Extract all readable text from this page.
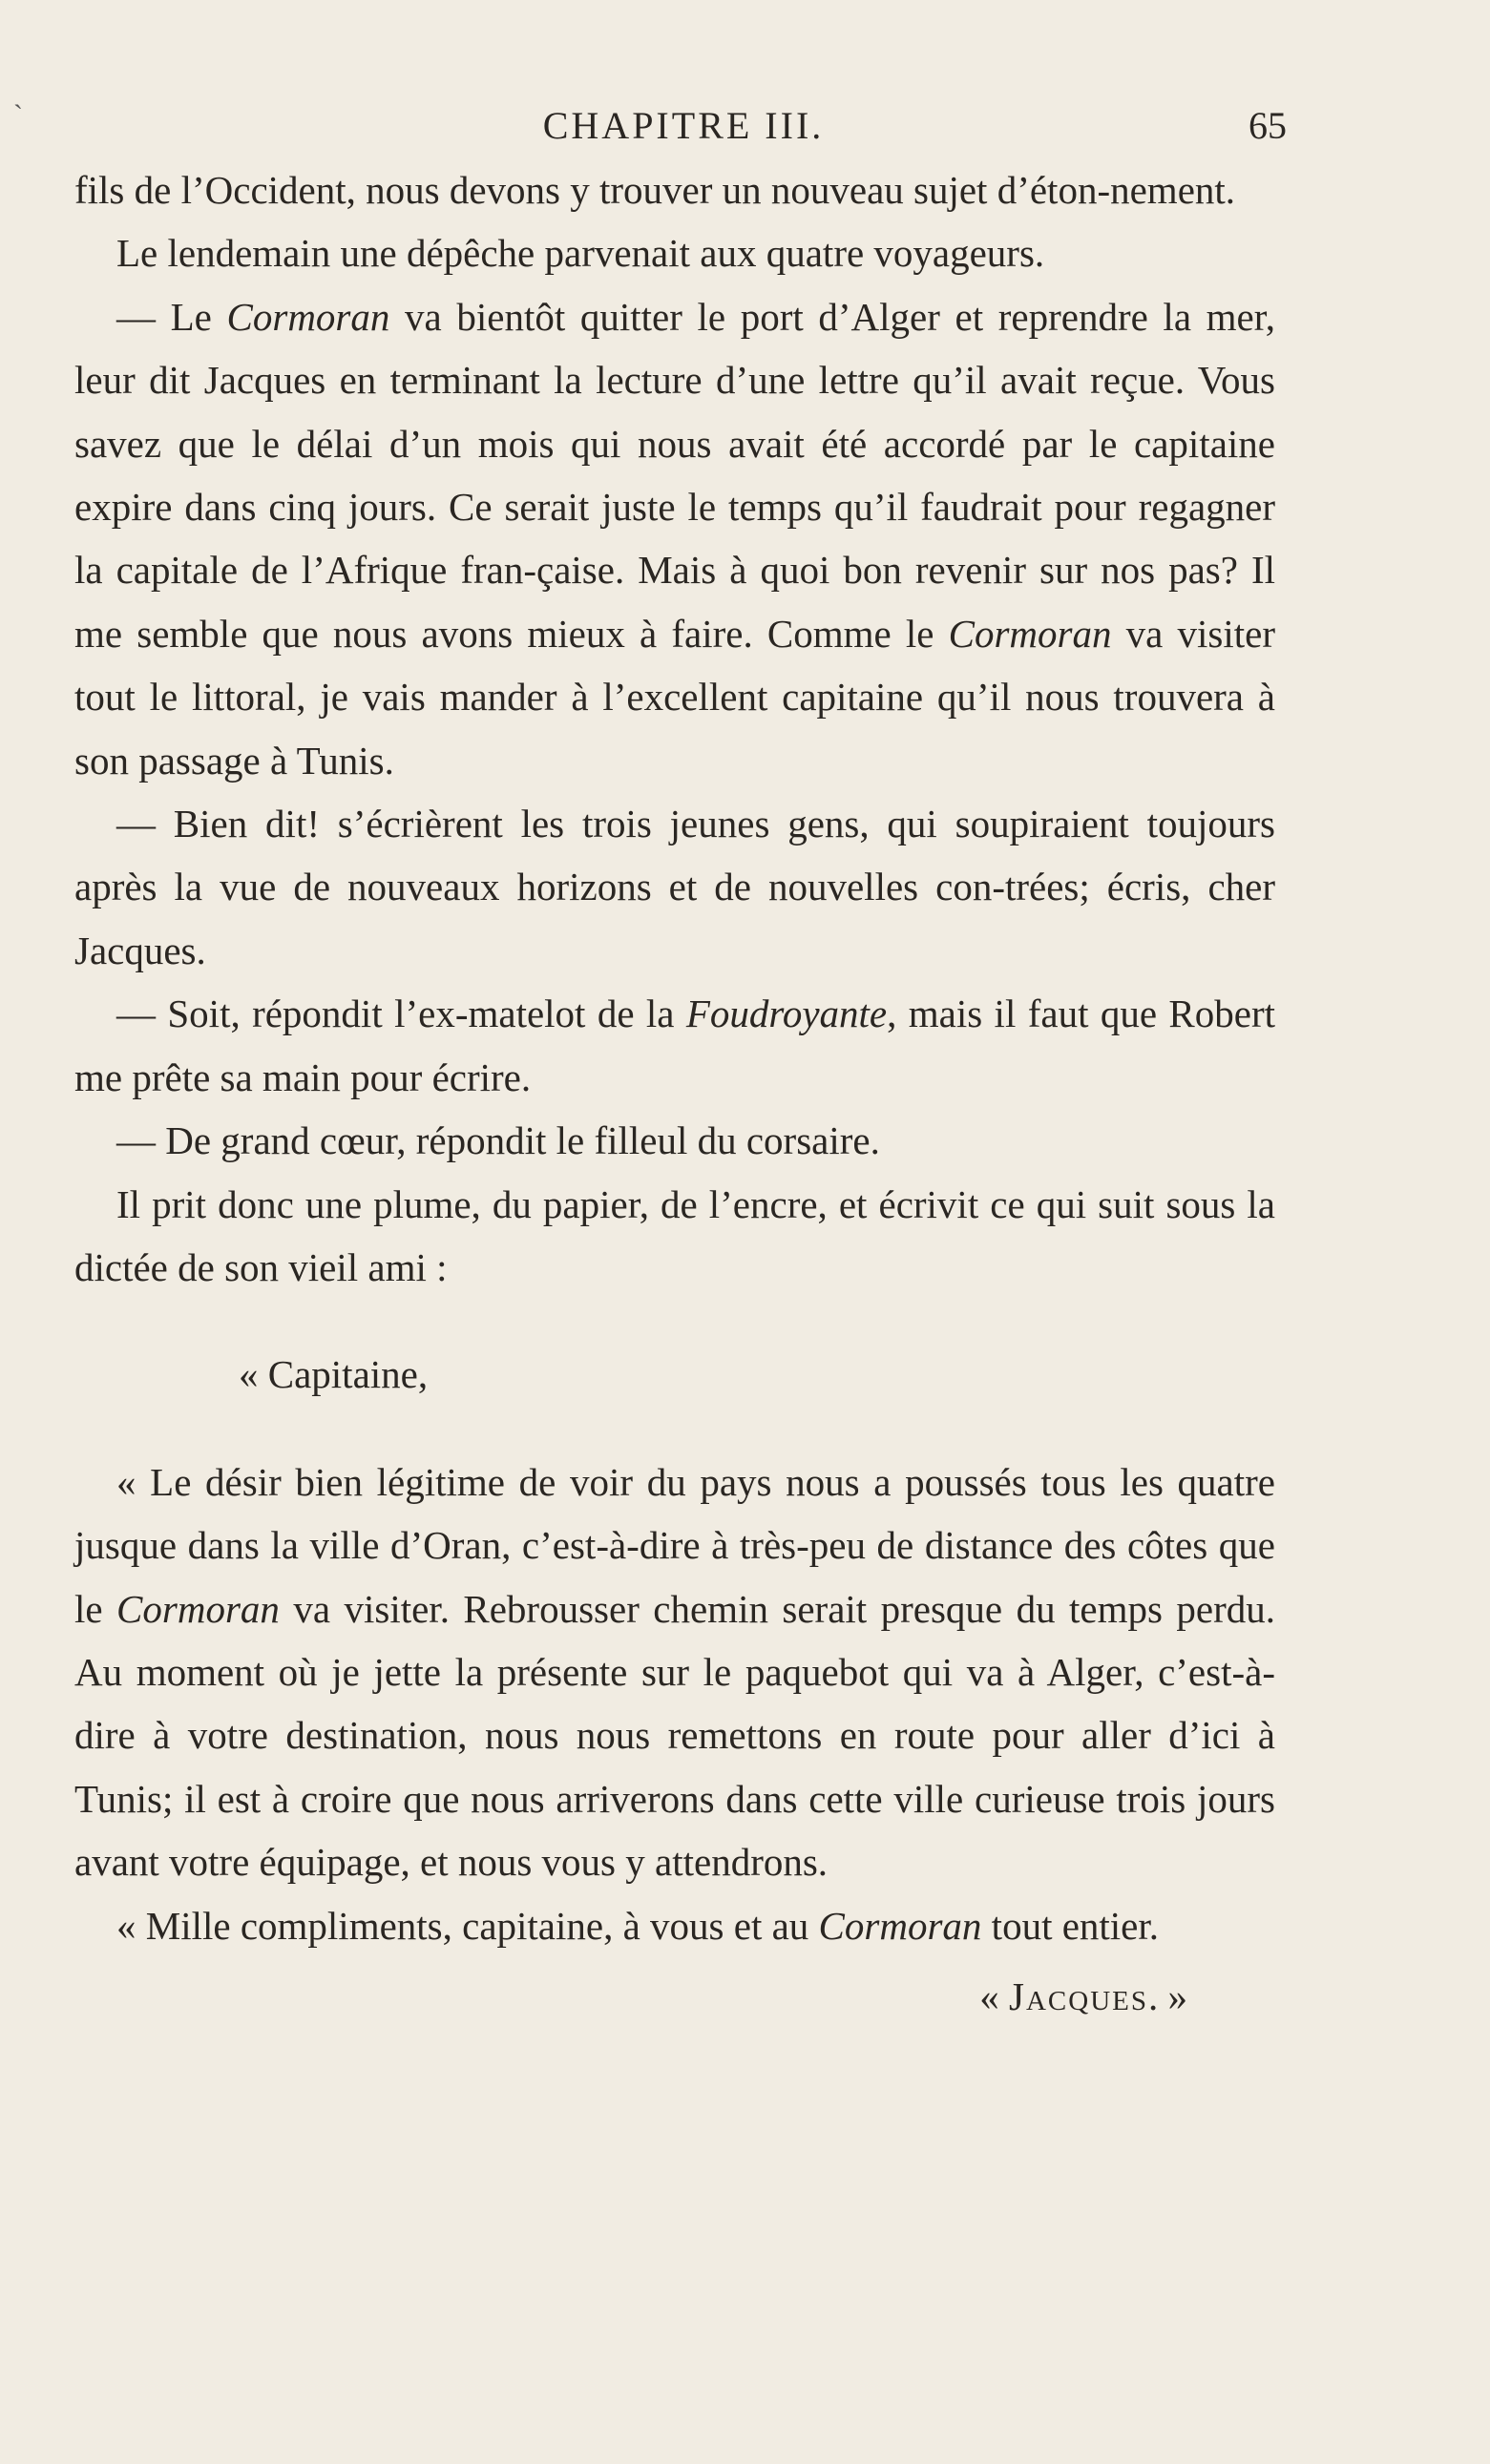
`	CHAPITRE III.	65

fils de l’Occident, nous devons y trouver un nouveau sujet d’éton-nement.

Le lendemain une dépêche parvenait aux quatre voyageurs.

— Le Cormoran va bientôt quitter le port d’Alger et reprendre la mer, leur dit Jacques en terminant la lecture d’une lettre qu’il avait reçue. Vous savez que le délai d’un mois qui nous avait été accordé par le capitaine expire dans cinq jours. Ce serait juste le temps qu’il faudrait pour regagner la capitale de l’Afrique fran-çaise. Mais à quoi bon revenir sur nos pas? Il me semble que nous avons mieux à faire. Comme le Cormoran va visiter tout le littoral, je vais mander à l’excellent capitaine qu’il nous trouvera à son passage à Tunis.

— Bien dit! s’écrièrent les trois jeunes gens, qui soupiraient toujours après la vue de nouveaux horizons et de nouvelles con-trées; écris, cher Jacques.

— Soit, répondit l’ex-matelot de la Foudroyante, mais il faut que Robert me prête sa main pour écrire.

— De grand cœur, répondit le filleul du corsaire.

Il prit donc une plume, du papier, de l’encre, et écrivit ce qui suit sous la dictée de son vieil ami :

« Capitaine,

« Le désir bien légitime de voir du pays nous a poussés tous les quatre jusque dans la ville d’Oran, c’est-à-dire à très-peu de distance des côtes que le Cormoran va visiter. Rebrousser chemin serait presque du temps perdu. Au moment où je jette la présente sur le paquebot qui va à Alger, c’est-à-dire à votre destination, nous nous remettons en route pour aller d’ici à Tunis; il est à croire que nous arriverons dans cette ville curieuse trois jours avant votre équipage, et nous vous y attendrons.

« Mille compliments, capitaine, à vous et au Cormoran tout entier.

« Jacques. »
